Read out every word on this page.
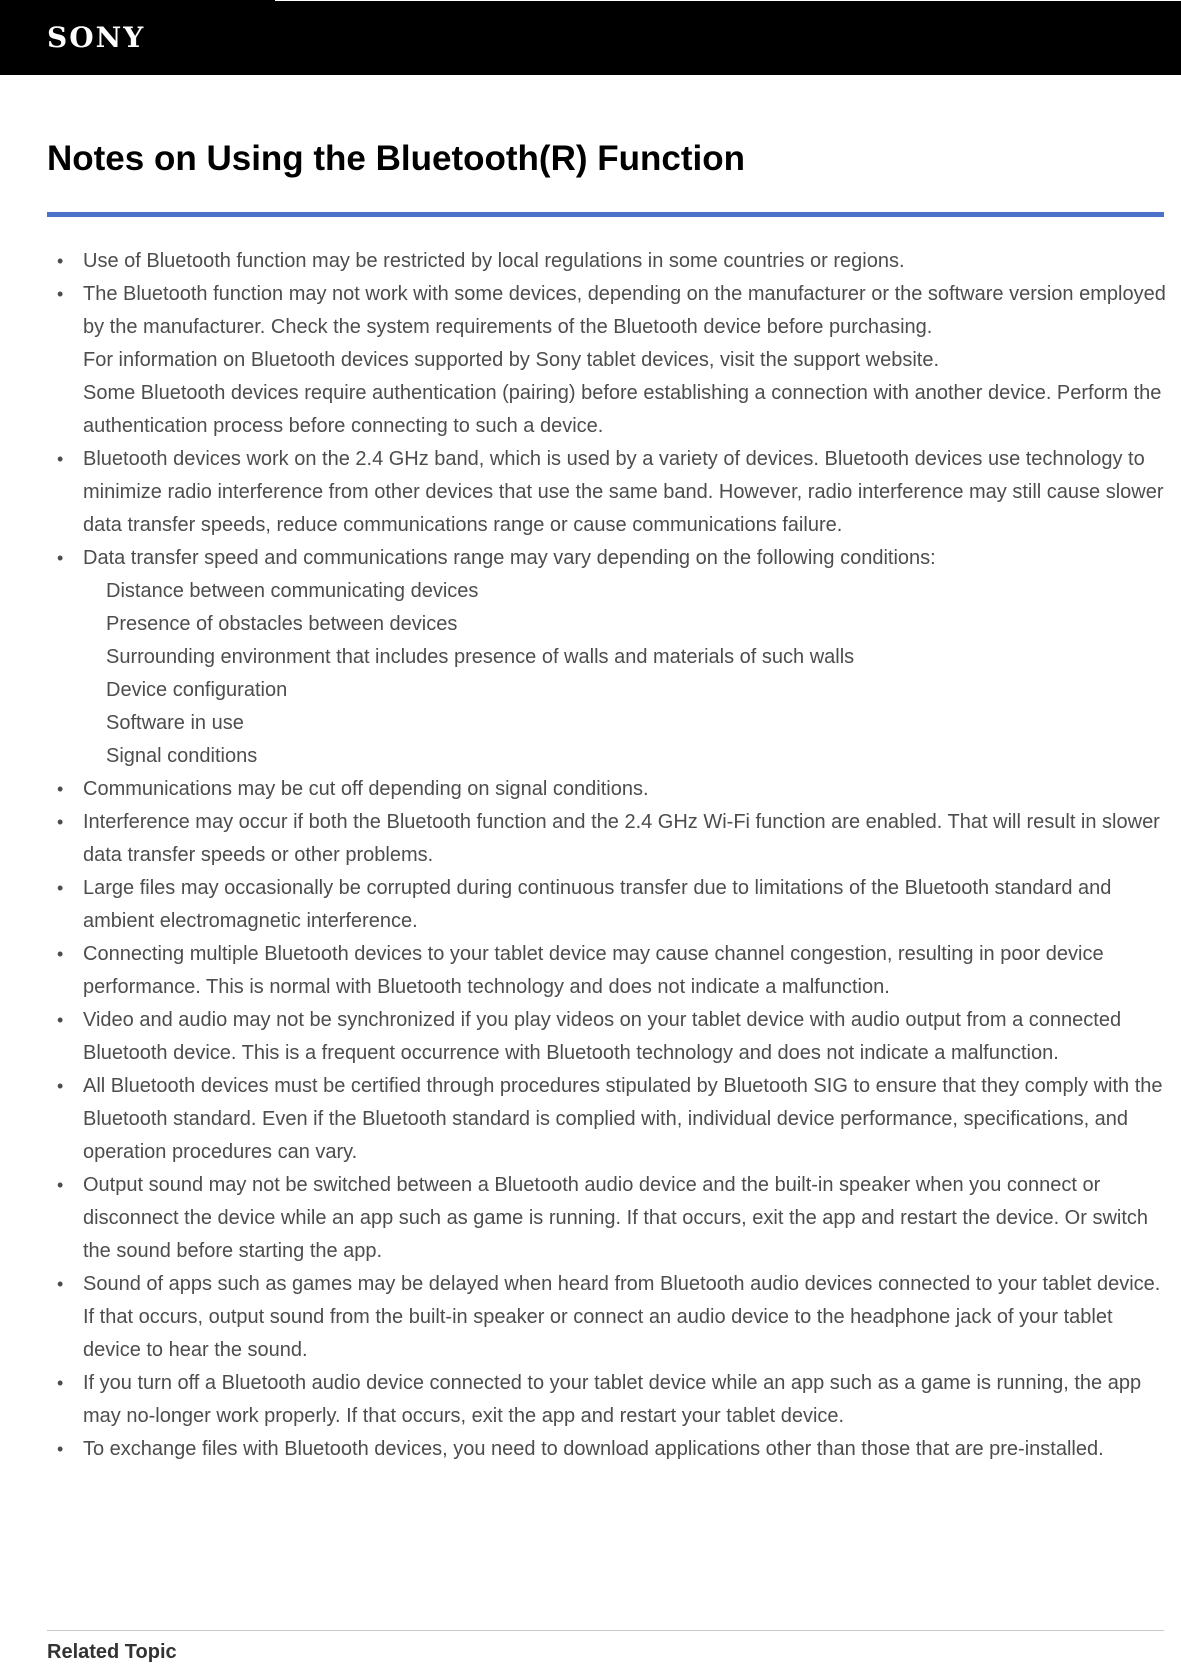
SONY
Notes on Using the Bluetooth(R) Function
• Use of Bluetooth function may be restricted by local regulations in some countries or regions.
• The Bluetooth function may not work with some devices, depending on the manufacturer or the software version employed by the manufacturer. Check the system requirements of the Bluetooth device before purchasing.
For information on Bluetooth devices supported by Sony tablet devices, visit the support website.
Some Bluetooth devices require authentication (pairing) before establishing a connection with another device. Perform the authentication process before connecting to such a device.
• Bluetooth devices work on the 2.4 GHz band, which is used by a variety of devices. Bluetooth devices use technology to minimize radio interference from other devices that use the same band. However, radio interference may still cause slower data transfer speeds, reduce communications range or cause communications failure.
• Data transfer speed and communications range may vary depending on the following conditions:
Distance between communicating devices
Presence of obstacles between devices
Surrounding environment that includes presence of walls and materials of such walls
Device configuration
Software in use
Signal conditions
• Communications may be cut off depending on signal conditions.
• Interference may occur if both the Bluetooth function and the 2.4 GHz Wi-Fi function are enabled. That will result in slower data transfer speeds or other problems.
• Large files may occasionally be corrupted during continuous transfer due to limitations of the Bluetooth standard and ambient electromagnetic interference.
• Connecting multiple Bluetooth devices to your tablet device may cause channel congestion, resulting in poor device performance. This is normal with Bluetooth technology and does not indicate a malfunction.
• Video and audio may not be synchronized if you play videos on your tablet device with audio output from a connected Bluetooth device. This is a frequent occurrence with Bluetooth technology and does not indicate a malfunction.
• All Bluetooth devices must be certified through procedures stipulated by Bluetooth SIG to ensure that they comply with the Bluetooth standard. Even if the Bluetooth standard is complied with, individual device performance, specifications, and operation procedures can vary.
• Output sound may not be switched between a Bluetooth audio device and the built-in speaker when you connect or disconnect the device while an app such as game is running. If that occurs, exit the app and restart the device. Or switch the sound before starting the app.
• Sound of apps such as games may be delayed when heard from Bluetooth audio devices connected to your tablet device. If that occurs, output sound from the built-in speaker or connect an audio device to the headphone jack of your tablet device to hear the sound.
• If you turn off a Bluetooth audio device connected to your tablet device while an app such as a game is running, the app may no-longer work properly. If that occurs, exit the app and restart your tablet device.
• To exchange files with Bluetooth devices, you need to download applications other than those that are pre-installed.
Related Topic
